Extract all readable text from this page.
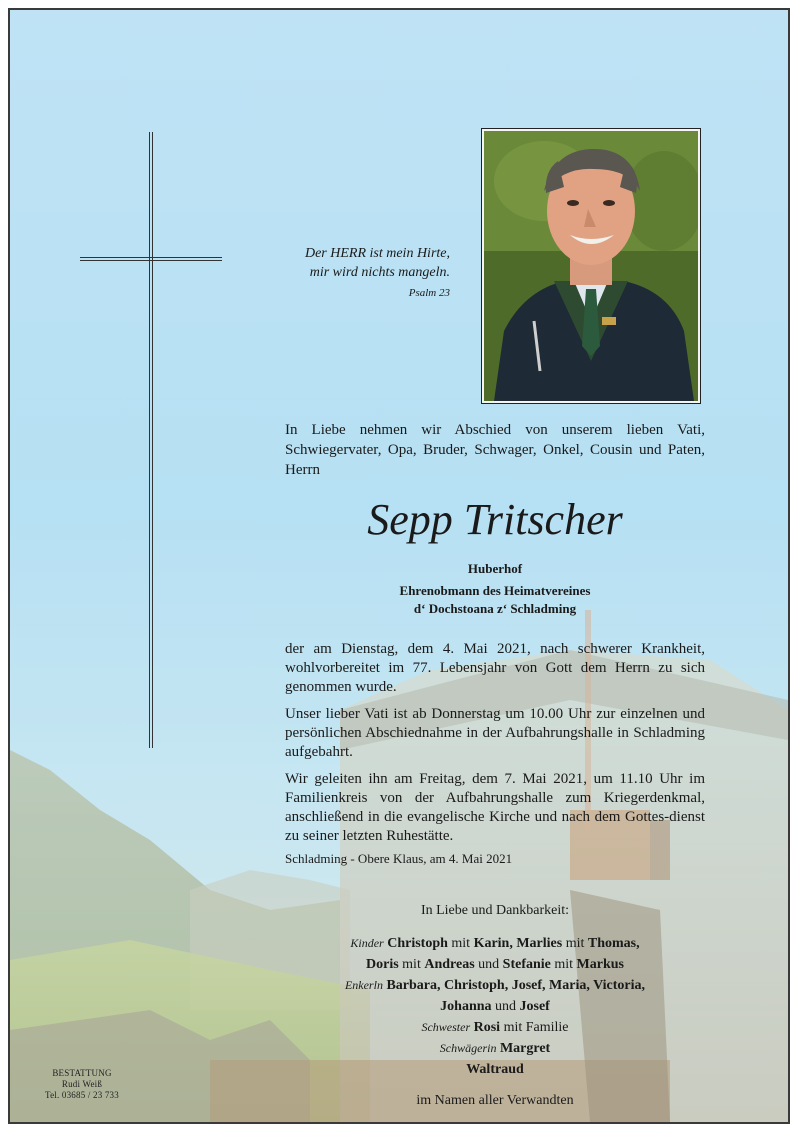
Der HERR ist mein Hirte,
mir wird nichts mangeln.
Psalm 23
In Liebe nehmen wir Abschied von unserem lieben Vati, Schwiegervater, Opa, Bruder, Schwager, Onkel, Cousin und Paten, Herrn
Sepp Tritscher
Huberhof
Ehrenobmann des Heimatvereines
d‘ Dochstoana z‘ Schladming

der am Dienstag, dem 4. Mai 2021, nach schwerer Krankheit, wohlvorbereitet im 77. Lebensjahr von Gott dem Herrn zu sich genommen wurde.

Unser lieber Vati ist ab Donnerstag um 10.00 Uhr zur einzelnen und persönlichen Abschiednahme in der Aufbahrungshalle in Schladming aufgebahrt.

Wir geleiten ihn am Freitag, dem 7. Mai 2021, um 11.10 Uhr im Familienkreis von der Aufbahrungshalle zum Kriegerdenkmal, anschließend in die evangelische Kirche und nach dem Gottes-dienst zu seiner letzten Ruhestätte.

Schladming - Obere Klaus, am 4. Mai 2021
In Liebe und Dankbarkeit:
Kinder Christoph mit Karin, Marlies mit Thomas,
Doris mit Andreas und Stefanie mit Markus
Enkerln Barbara, Christoph, Josef, Maria, Victoria,
Johanna und Josef
Schwester Rosi mit Familie
Schwägerin Margret
Waltraud
im Namen aller Verwandten
BESTATTUNG
Rudi Weiß
Tel. 03685 / 23 733
